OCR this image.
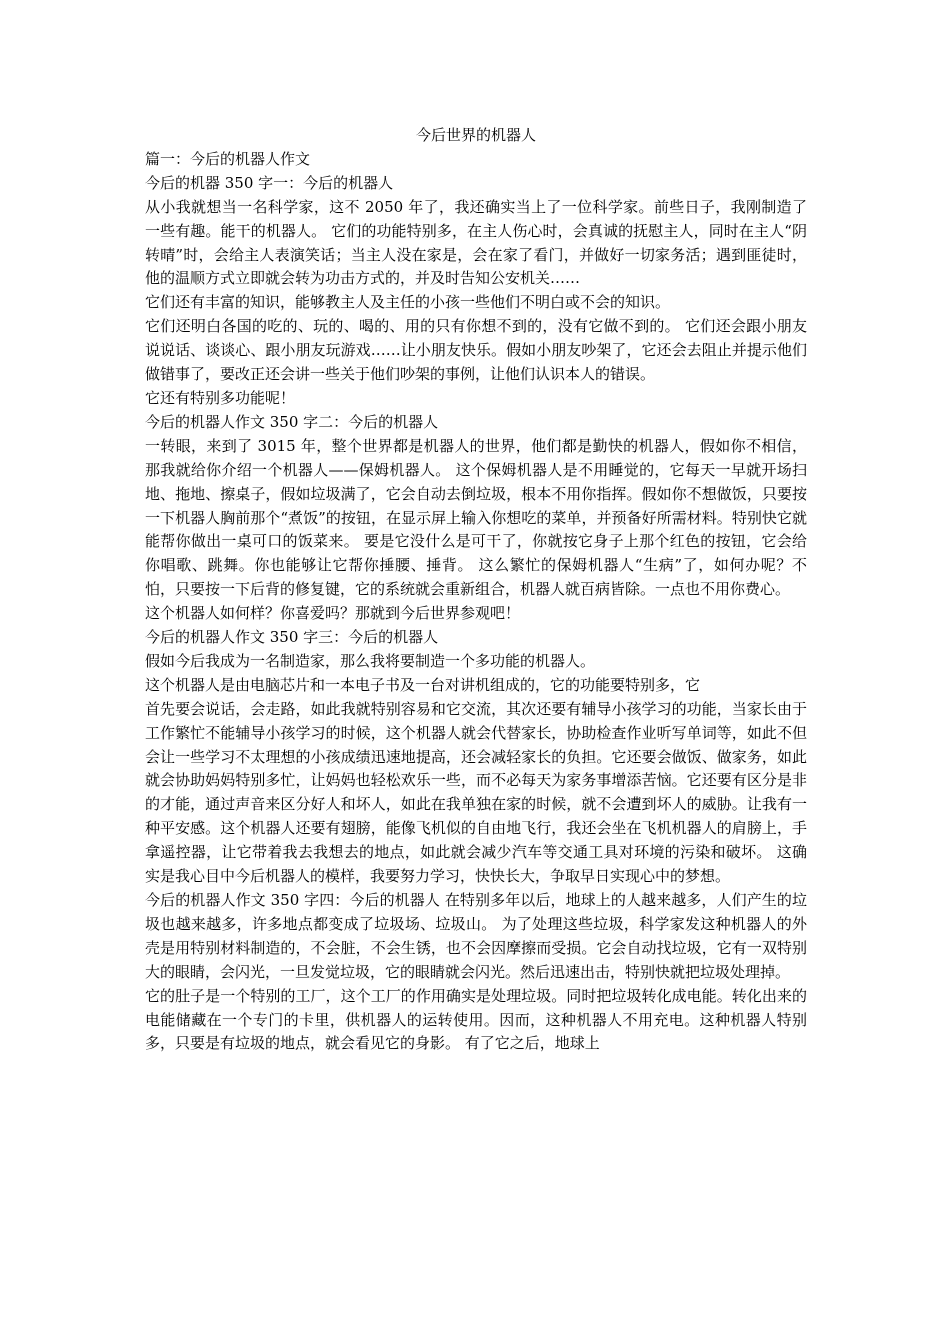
今后世界的机器人

篇一：今后的机器人作文

今后的机器 350 字一：今后的机器人

从小我就想当一名科学家，这不 2050 年了，我还确实当上了一位科学家。前些日子，我刚制造了一些有趣。能干的机器人。 它们的功能特别多，在主人伤心时，会真诚的抚慰主人，同时在主人“阴转晴”时，会给主人表演笑话；当主人没在家是，会在家了看门，并做好一切家务活；遇到匪徒时，他的温顺方式立即就会转为功击方式的，并及时告知公安机关……

它们还有丰富的知识，能够教主人及主任的小孩一些他们不明白或不会的知识。

它们还明白各国的吃的、玩的、喝的、用的只有你想不到的，没有它做不到的。 它们还会跟小朋友说说话、谈谈心、跟小朋友玩游戏……让小朋友快乐。假如小朋友吵架了，它还会去阻止并提示他们做错事了，要改正还会讲一些关于他们吵架的事例，让他们认识本人的错误。

它还有特别多功能呢！

今后的机器人作文 350 字二：今后的机器人

一转眼，来到了 3015 年，整个世界都是机器人的世界，他们都是勤快的机器人，假如你不相信，那我就给你介绍一个机器人——保姆机器人。 这个保姆机器人是不用睡觉的，它每天一早就开场扫地、拖地、擦桌子，假如垃圾满了，它会自动去倒垃圾，根本不用你指挥。假如你不想做饭，只要按一下机器人胸前那个“煮饭”的按钮，在显示屏上输入你想吃的菜单，并预备好所需材料。特别快它就能帮你做出一桌可口的饭菜来。 要是它没什么是可干了，你就按它身子上那个红色的按钮，它会给你唱歌、跳舞。你也能够让它帮你捶腰、捶背。 这么繁忙的保姆机器人“生病”了，如何办呢？不怕，只要按一下后背的修复键，它的系统就会重新组合，机器人就百病皆除。一点也不用你费心。

这个机器人如何样？你喜爱吗？那就到今后世界参观吧！

今后的机器人作文 350 字三：今后的机器人

假如今后我成为一名制造家，那么我将要制造一个多功能的机器人。

这个机器人是由电脑芯片和一本电子书及一台对讲机组成的，它的功能要特别多，它

首先要会说话，会走路，如此我就特别容易和它交流，其次还要有辅导小孩学习的功能，当家长由于工作繁忙不能辅导小孩学习的时候，这个机器人就会代替家长，协助检查作业听写单词等，如此不但会让一些学习不太理想的小孩成绩迅速地提高，还会减轻家长的负担。它还要会做饭、做家务，如此就会协助妈妈特别多忙，让妈妈也轻松欢乐一些，而不必每天为家务事增添苦恼。它还要有区分是非的才能，通过声音来区分好人和坏人，如此在我单独在家的时候，就不会遭到坏人的威胁。让我有一种平安感。这个机器人还要有翅膀，能像飞机似的自由地飞行，我还会坐在飞机机器人的肩膀上，手拿遥控器，让它带着我去我想去的地点，如此就会减少汽车等交通工具对环境的污染和破坏。 这确实是我心目中今后机器人的模样，我要努力学习，快快长大，争取早日实现心中的梦想。

今后的机器人作文 350 字四：今后的机器人 在特别多年以后，地球上的人越来越多，人们产生的垃圾也越来越多，许多地点都变成了垃圾场、垃圾山。 为了处理这些垃圾，科学家发这种机器人的外壳是用特别材料制造的，不会脏，不会生锈，也不会因摩擦而受损。它会自动找垃圾，它有一双特别大的眼睛，会闪光，一旦发觉垃圾，它的眼睛就会闪光。然后迅速出击，特别快就把垃圾处理掉。

它的肚子是一个特别的工厂，这个工厂的作用确实是处理垃圾。同时把垃圾转化成电能。转化出来的电能储藏在一个专门的卡里，供机器人的运转使用。因而，这种机器人不用充电。这种机器人特别多，只要是有垃圾的地点，就会看见它的身影。 有了它之后，地球上
